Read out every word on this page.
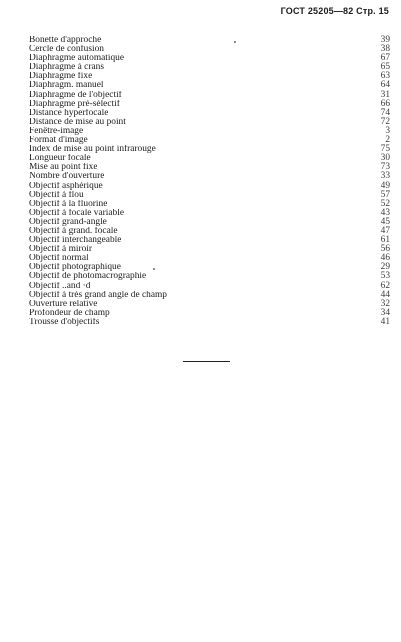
ГОСТ 25205—82 Стр. 15
Bonette d'approche	39
Cercle de confusion	38
Diaphragme automatique	67
Diaphragme à crans	65
Diaphragme fixe	63
Diaphragm. manuel	64
Diaphragme de l'objectif	31
Diaphragme pré-sélectif	66
Distance hyperfocale	74
Distance de mise au point	72
Fenêtre-image	3
Format d'image	2
Index de mise au point infrarouge	75
Longueur focale	30
Mise au point fixe	73
Nombre d'ouverture	33
Objectif asphérique	49
Objectif à flou	57
Objectif à la fluorine	52
Objectif à focale variable	43
Objectif grand-angle	45
Objectif à grand. focale	47
Objectif interchangeable	61
Objectif à miroir	56
Objectif normal	46
Objectif photographique	29
Objectif de photomacrographie	53
Objectif ..and ·d	62
Objectif à très grand angle de champ	44
Ouverture relative	32
Profondeur de champ	34
Trousse d'objectifs	41
